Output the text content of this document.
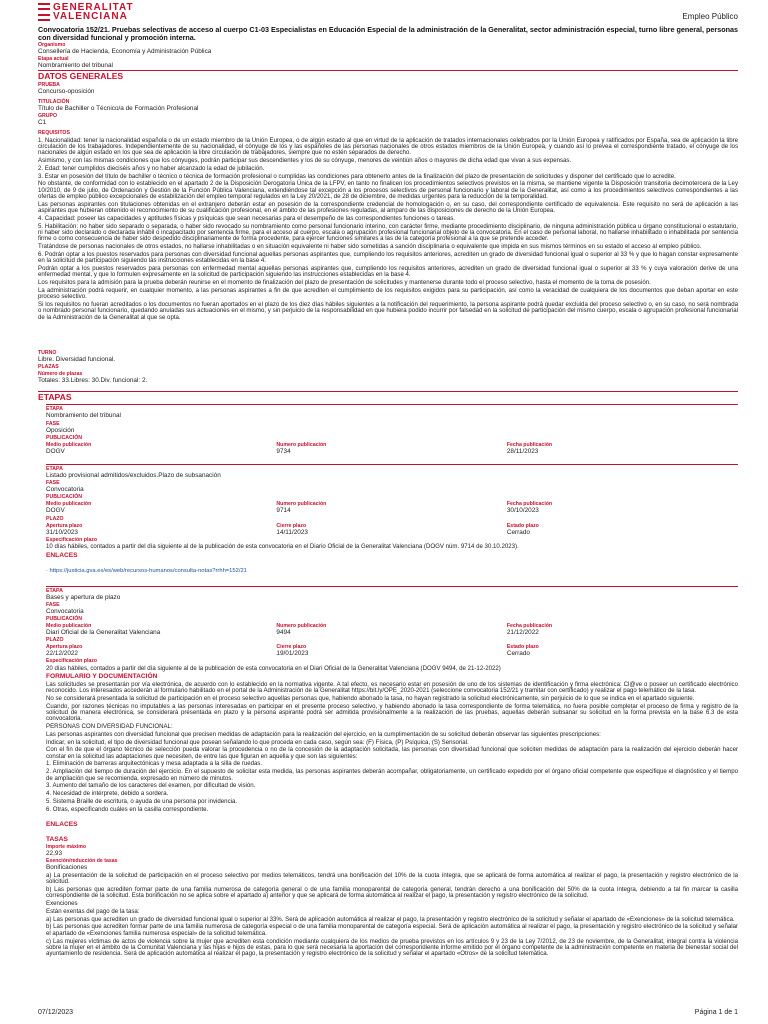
GENERALITAT
VALENCIANA	Empleo Público
Convocatoria 152/21. Pruebas selectivas de acceso al cuerpo C1-03 Especialistas en Educación Especial de la administración de la Generalitat, sector administración especial, turno libre general, personas con diversidad funcional y promoción interna.
Organismo
Consellería de Hacienda, Economía y Administración Pública
Etapa actual
Nombramiento del tribunal
DATOS GENERALES
PRUEBA
Concurso-oposición
TITULACIÓN
Título de Bachiller o Técnico/a de Formación Profesional
GRUPO
C1
REQUISITOS

1. Nacionalidad: tener la nacionalidad española o de un estado miembro de la Unión Europea, o de algún estado al que en virtud de la aplicación de tratados internacionales celebrados por la Unión Europea y ratificados por España, sea de aplicación la libre circulación de los trabajadores. Independientemente de su nacionalidad, el cónyuge de los y las españoles de las personas nacionales de otros estados miembros de la Unión Europea, y cuando así lo prevea el correspondiente tratado, el cónyuge de los nacionales de algún estado en los que sea de aplicación la libre circulación de trabajadores, siempre que no estén separados de derecho.

Asimismo, y con las mismas condiciones que los cónyuges, podrán participar sus descendientes y los de su cónyuge, menores de veintiún años o mayores de dicha edad que vivan a sus expensas.

2. Edad: tener cumplidos dieciséis años y no haber alcanzado la edad de jubilación.

3. Estar en posesión del título de bachiller o técnico o técnica de formación profesional o cumplidas las condiciones para obtenerlo antes de la finalización del plazo de presentación de solicitudes y disponer del certificado que lo acredite.

No obstante, de conformidad con lo establecido en el apartado 2 de la Disposición Derogatoria Única de la LFPV, en tanto no finalicen los procedimientos selectivos previstos en la misma, se mantiene vigente la Disposición transitoria decimotercera de la Ley 10/2010, de 9 de julio, de Ordenación y Gestión de la Función Pública Valenciana, extendiéndose tal excepción a los procesos selectivos de personal funcionario y laboral de la Generalitat, así como a los procedimientos selectivos correspondientes a las ofertas de empleo público excepcionales de estabilización del empleo temporal regulados en la Ley 20/2021, de 28 de diciembre, de medidas urgentes para la reducción de la temporalidad.

Las personas aspirantes con titulaciones obtenidas en el extranjero deberán estar en posesión de la correspondiente credencial de homologación o, en su caso, del correspondiente certificado de equivalencia. Este requisito no será de aplicación a las aspirantes que hubieran obtenido el reconocimiento de su cualificación profesional, en el ámbito de las profesiones reguladas, al amparo de las disposiciones de derecho de la Unión Europea.

4. Capacidad: poseer las capacidades y aptitudes físicas y psíquicas que sean necesarias para el desempeño de las correspondientes funciones o tareas.

5. Habilitación: no haber sido separado o separada, o haber sido revocado su nombramiento como personal funcionario interino, con carácter firme, mediante procedimiento disciplinario, de ninguna administración pública u órgano constitucional o estatutario, ni haber sido declarado o declarada inhábil o incapacitado por sentencia firme, para el acceso al cuerpo, escala o agrupación profesional funcionarial objeto de la convocatoria. En el caso de personal laboral, no hallarse inhabilitado o inhabilitada por sentencia firme o como consecuencia de haber sido despedido disciplinariamente de forma procedente, para ejercer funciones similares a las de la categoría profesional a la que se pretende acceder.

Tratándose de personas nacionales de otros estados, no hallarse inhabilitadas o en situación equivalente ni haber sido sometidas a sanción disciplinaria o equivalente que impida en sus mismos términos en su estado el acceso al empleo público.

6. Podrán optar a los puestos reservados para personas con diversidad funcional aquellas personas aspirantes que, cumpliendo los requisitos anteriores, acrediten un grado de diversidad funcional igual o superior al 33 % y que lo hagan constar expresamente en la solicitud de participación siguiendo las instrucciones establecidas en la base 4.

Podrán optar a los puestos reservados para personas con enfermedad mental aquellas personas aspirantes que, cumpliendo los requisitos anteriores, acrediten un grado de diversidad funcional igual o superior al 33 % y cuya valoración derive de una enfermedad mental, y que lo formulen expresamente en la solicitud de participación siguiendo las instrucciones establecidas en la base 4.

Los requisitos para la admisión para la prueba deberán reunirse en el momento de finalización del plazo de presentación de solicitudes y mantenerse durante todo el proceso selectivo, hasta el momento de la toma de posesión.

La administración podrá requerir, en cualquier momento, a las personas aspirantes a fin de que acrediten el cumplimiento de los requisitos exigidos para su participación, así como la veracidad de cualquiera de los documentos que deban aportar en este proceso selectivo.

Si los requisitos no fueran acreditados o los documentos no fueran aportados en el plazo de los diez días hábiles siguientes a la notificación del requerimiento, la persona aspirante podrá quedar excluida del proceso selectivo o, en su caso, no será nombrada o nombrado personal funcionario, quedando anuladas sus actuaciones en el mismo, y sin perjuicio de la responsabilidad en que hubiera podido incurrir por falsedad en la solicitud de participación del mismo cuerpo, escala o agrupación profesional funcionarial de la Administración de la Generalitat al que se opta.

TURNO
Libre. Diversidad funcional.
PLAZAS
Número de plazas
Totales: 33.Libres: 30.Div. funcional: 2.
ETAPAS
ETAPA
Nombramiento del tribunal
FASE
Oposición
PUBLICACIÓN
Medio publicación
DOGV
Numero publicación
9734
Fecha publicación
28/11/2023
ETAPA
Listado provisional admitidos/excluidos.Plazo de subsanación
FASE
Convocatoria
PUBLICACIÓN
Medio publicación
DOGV
Numero publicación
9714
Fecha publicación
30/10/2023
PLAZO
Apertura plazo
31/10/2023
Cierre plazo
14/11/2023
Estado plazo
Cerrado
Especificación plazo
10 días hábiles, contados a partir del día siguiente al de la publicación de esta convocatoria en el Diario Oficial de la Generalitat Valenciana (DOGV núm. 9714 de 30.10.2023).
ENLACES
· https://justicia.gva.es/es/web/recursos-humanos/consulta-notas?rrhh=152/21
ETAPA
Bases y apertura de plazo
FASE
Convocatoria
PUBLICACIÓN
Medio publicación
Diari Oficial de la Generalitat Valenciana
Numero publicación
9494
Fecha publicación
21/12/2022
PLAZO
Apertura plazo
22/12/2022
Cierre plazo
19/01/2023
Estado plazo
Cerrado
Especificación plazo
20 días hábiles, contados a partir del día siguiente al de la publicación de esta convocatoria en el Diari Oficial de la Generalitat Valenciana (DOGV 9494, de 21-12-2022)
FORMULARIO Y DOCUMENTACIÓN

Las solicitudes se presentarán por vía electrónica, de acuerdo con lo establecido en la normativa vigente. A tal efecto, es necesario estar en posesión de uno de los sistemas de identificación y firma electrónica: Cl@ve o poseer un certificado electrónico reconocido. Los interesados accederán al formulario habilitado en el portal de la Administración de la Generalitat https://bit.ly/OPE_2020-2021 (seleccione convocatoria 152/21 y tramitar con certificado) y realizar el pago telemático de la tasa.

No se considerará presentada la solicitud de participación en el proceso selectivo aquellas personas que, habiendo abonado la tasa, no hayan registrado la solicitud electrónicamente, sin perjuicio de lo que se indica en el apartado siguiente.

Cuando, por razones técnicas no imputables a las personas interesadas en participar en el presente proceso selectivo, y habiendo abonado la tasa correspondiente de forma telemática, no fuera posible completar el proceso de firma y registro de la solicitud de manera electrónica, se considerará presentada en plazo y la persona aspirante podrá ser admitida provisionalmente a la realización de las pruebas, aquellas deberán subsanar su solicitud en la forma prevista en la base 6.3 de esta convocatoria.

PERSONAS CON DIVERSIDAD FUNCIONAL:

Las personas aspirantes con diversidad funcional que precisen medidas de adaptación para la realización del ejercicio, en la cumplimentación de su solicitud deberán observar las siguientes prescripciones:

Indicar, en la solicitud, el tipo de diversidad funcional que posean señalando lo que proceda en cada caso, según sea: (F) Física, (P) Psíquica, (S) Sensorial.

Con el fin de que el órgano técnico de selección pueda valorar la procedencia o no de la concesión de la adaptación solicitada, las personas con diversidad funcional que soliciten medidas de adaptación para la realización del ejercicio deberán hacer constar en la solicitud las adaptaciones que necesiten, de entre las que figuran en aquella y que son las siguientes:

1. Eliminación de barreras arquitectónicas y mesa adaptada a la silla de ruedas.

2. Ampliación del tiempo de duración del ejercicio. En el supuesto de solicitar esta medida, las personas aspirantes deberán acompañar, obligatoriamente, un certificado expedido por el órgano oficial competente que especifique el diagnóstico y el tiempo de ampliación que se recomienda, expresado en número de minutos.

3. Aumento del tamaño de los caracteres del examen, por dificultad de visión.

4. Necesidad de intérprete, debido a sordera.

5. Sistema Braille de escritura, o ayuda de una persona por invidencia.

6. Otras, especificando cuáles en la casilla correspondiente.

ENLACES
TASAS
Importe máximo
22,93
Exención/reducción de tasas
Bonificaciones

a) La presentación de la solicitud de participación en el proceso selectivo por medios telemáticos, tendrá una bonificación del 10% de la cuota íntegra, que se aplicará de forma automática al realizar el pago, la presentación y registro electrónico de la solicitud.

b) Las personas que acrediten formar parte de una familia numerosa de categoría general o de una familia monoparental de categoría general, tendrán derecho a una bonificación del 50% de la cuota íntegra, debiendo a tal fin marcar la casilla correspondiente de la solicitud. Esta bonificación no se aplica sobre el apartado a) anterior y que se aplicará de forma automática al realizar el pago, la presentación y registro electrónico de la solicitud.

Exenciones

Están exentas del pago de la tasa:

a) Las personas que acrediten un grado de diversidad funcional igual o superior al 33%. Será de aplicación automática al realizar el pago, la presentación y registro electrónico de la solicitud y señalar el apartado de «Exenciones» de la solicitud telemática.

b) Las personas que acrediten formar parte de una familia numerosa de categoría especial o de una familia monoparental de categoría especial. Será de aplicación automática al realizar el pago, la presentación y registro electrónico de la solicitud y señalar el apartado de «Exenciones familia numerosa especial» de la solicitud telemática.

c) Las mujeres víctimas de actos de violencia sobre la mujer que acrediten esta condición mediante cualquiera de los medios de prueba previstos en los artículos 9 y 23 de la Ley 7/2012, de 23 de noviembre, de la Generalitat, integral contra la violencia sobre la mujer en el ámbito de la Comunitat Valenciana y las hijas e hijos de estas, para lo que será necesaria la aportación del correspondiente informe emitido por el órgano competente de la administración competente en materia de bienestar social del ayuntamiento de residencia. Será de aplicación automática al realizar el pago, la presentación y registro electrónico de la solicitud y señalar el apartado «Otros» de la solicitud telemática.

07/12/2023	Página 1 de 1
